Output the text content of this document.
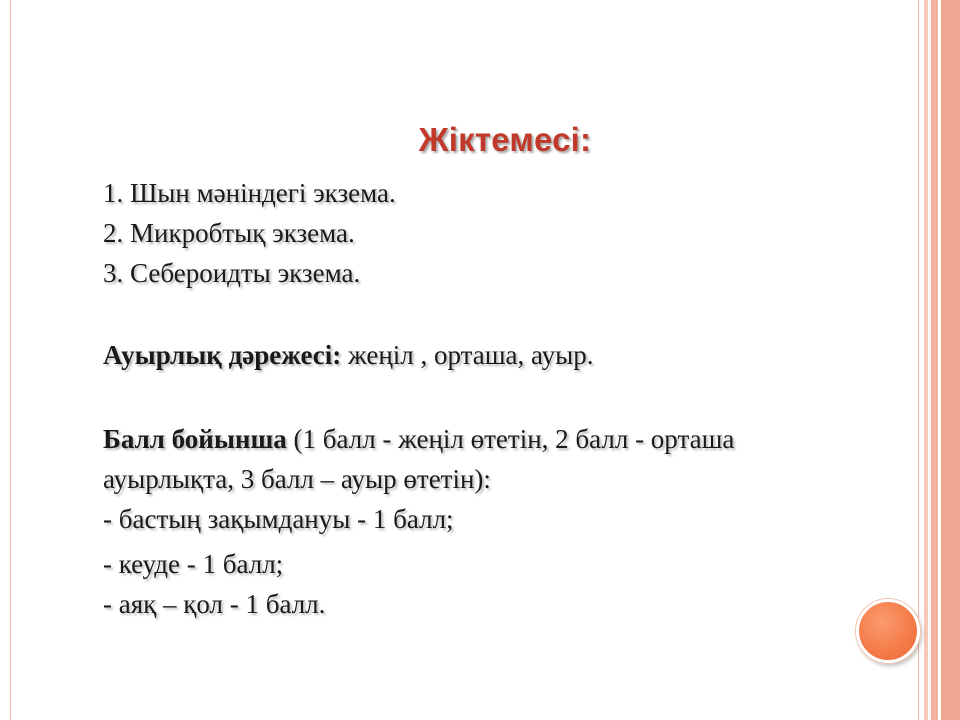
Жіктемесі:
1. Шын мәніндегі экзема.
2. Микробтық экзема.
3. Себероидты экзема.
Ауырлық дәрежесі: жеңіл , орташа, ауыр.
Балл бойынша (1 балл - жеңіл өтетін, 2 балл - орташа
ауырлықта, 3 балл – ауыр өтетін):
- бастың зақымдануы - 1 балл;
- кеуде - 1 балл;
- аяқ – қол - 1 балл.
